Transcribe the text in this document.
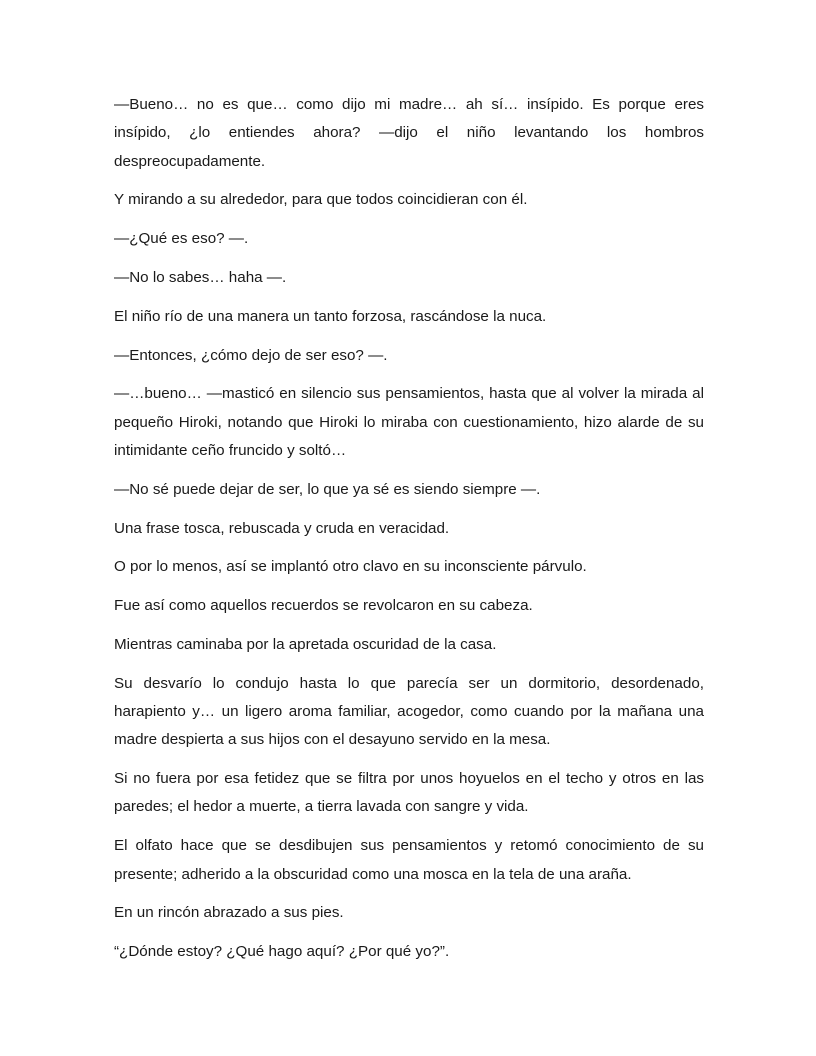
—Bueno… no es que… como dijo mi madre… ah sí… insípido. Es porque eres insípido, ¿lo entiendes ahora? —dijo el niño levantando los hombros despreocupadamente.

Y mirando a su alrededor, para que todos coincidieran con él.

—¿Qué es eso? —.

—No lo sabes… haha —.

El niño río de una manera un tanto forzosa, rascándose la nuca.

—Entonces, ¿cómo dejo de ser eso? —.

—…bueno… —masticó en silencio sus pensamientos, hasta que al volver la mirada al pequeño Hiroki, notando que Hiroki lo miraba con cuestionamiento, hizo alarde de su intimidante ceño fruncido y soltó…

—No sé puede dejar de ser, lo que ya sé es siendo siempre —.

Una frase tosca, rebuscada y cruda en veracidad.

O por lo menos, así se implantó otro clavo en su inconsciente párvulo.

Fue así como aquellos recuerdos se revolcaron en su cabeza.

Mientras caminaba por la apretada oscuridad de la casa.

Su desvarío lo condujo hasta lo que parecía ser un dormitorio, desordenado, harapiento y… un ligero aroma familiar, acogedor, como cuando por la mañana una madre despierta a sus hijos con el desayuno servido en la mesa.

Si no fuera por esa fetidez que se filtra por unos hoyuelos en el techo y otros en las paredes; el hedor a muerte, a tierra lavada con sangre y vida.

El olfato hace que se desdibujen sus pensamientos y retomó conocimiento de su presente; adherido a la obscuridad como una mosca en la tela de una araña.

En un rincón abrazado a sus pies.

“¿Dónde estoy? ¿Qué hago aquí? ¿Por qué yo?”.
